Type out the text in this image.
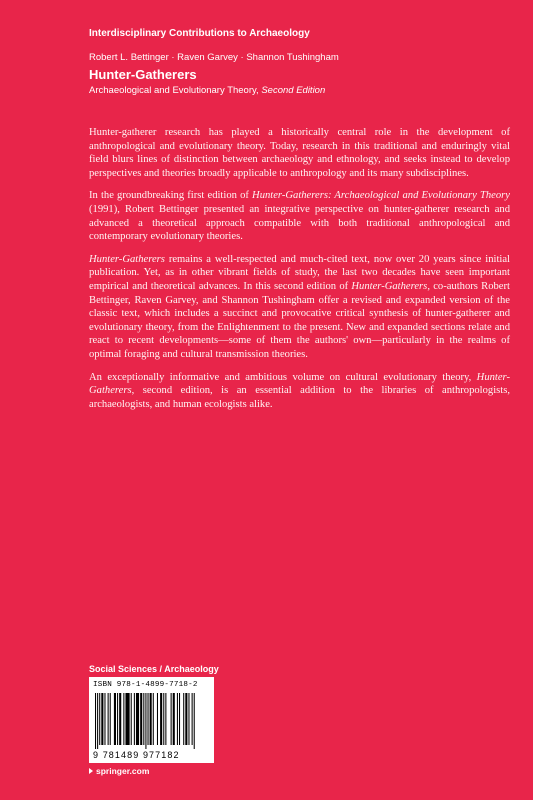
Interdisciplinary Contributions to Archaeology
Robert L. Bettinger · Raven Garvey · Shannon Tushingham
Hunter-Gatherers
Archaeological and Evolutionary Theory, Second Edition

Hunter-gatherer research has played a historically central role in the development of anthropological and evolutionary theory. Today, research in this traditional and enduringly vital field blurs lines of distinction between archaeology and ethnology, and seeks instead to develop perspectives and theories broadly applicable to anthropology and its many subdisciplines.

In the groundbreaking first edition of Hunter-Gatherers: Archaeological and Evolutionary Theory (1991), Robert Bettinger presented an integrative perspective on hunter-gatherer research and advanced a theoretical approach compatible with both traditional anthropological and contemporary evolutionary theories.

Hunter-Gatherers remains a well-respected and much-cited text, now over 20 years since initial publication. Yet, as in other vibrant fields of study, the last two decades have seen important empirical and theoretical advances. In this second edition of Hunter-Gatherers, co-authors Robert Bettinger, Raven Garvey, and Shannon Tushingham offer a revised and expanded version of the classic text, which includes a succinct and provocative critical synthesis of hunter-gatherer and evolutionary theory, from the Enlightenment to the present. New and expanded sections relate and react to recent developments—some of them the authors' own—particularly in the realms of optimal foraging and cultural transmission theories.

An exceptionally informative and ambitious volume on cultural evolutionary theory, Hunter-Gatherers, second edition, is an essential addition to the libraries of anthropologists, archaeologists, and human ecologists alike.

Social Sciences / Archaeology
ISBN 978-1-4899-7718-2
9 781489 977182
springer.com
